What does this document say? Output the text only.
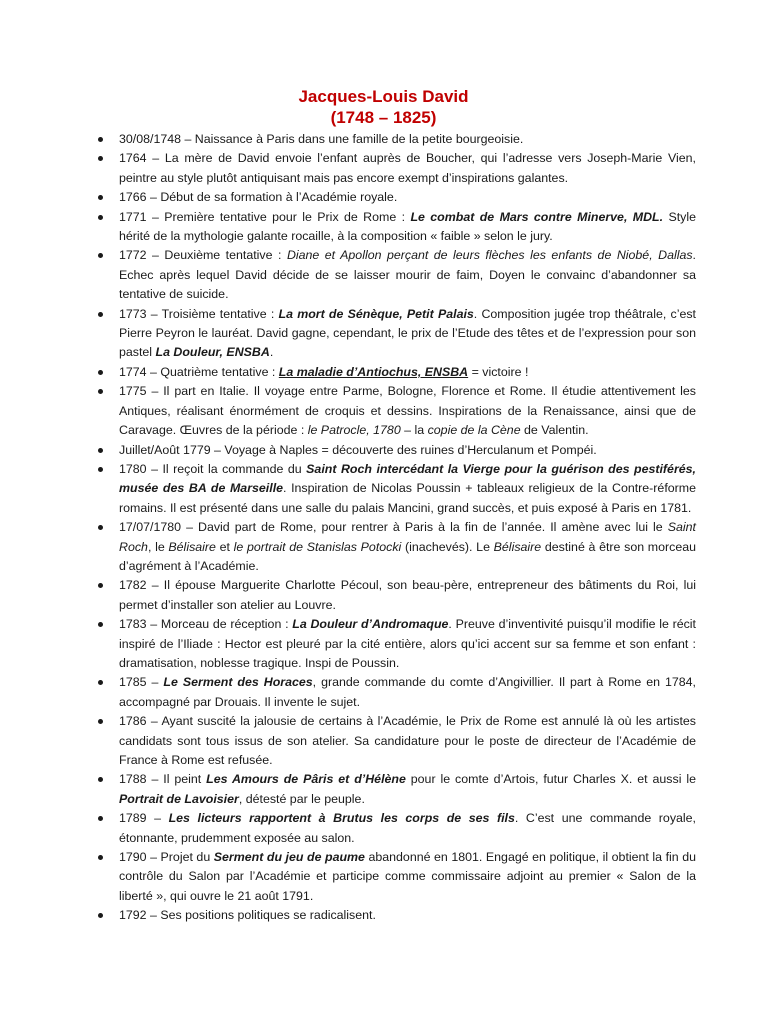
Jacques-Louis David
(1748 – 1825)
30/08/1748 – Naissance à Paris dans une famille de la petite bourgeoisie.
1764 – La mère de David envoie l’enfant auprès de Boucher, qui l’adresse vers Joseph-Marie Vien, peintre au style plutôt antiquisant mais pas encore exempt d’inspirations galantes.
1766 – Début de sa formation à l’Académie royale.
1771 – Première tentative pour le Prix de Rome : Le combat de Mars contre Minerve, MDL. Style hérité de la mythologie galante rocaille, à la composition « faible » selon le jury.
1772 – Deuxième tentative : Diane et Apollon perçant de leurs flèches les enfants de Niobé, Dallas. Echec après lequel David décide de se laisser mourir de faim, Doyen le convainc d’abandonner sa tentative de suicide.
1773 – Troisième tentative : La mort de Sénèque, Petit Palais. Composition jugée trop théâtrale, c’est Pierre Peyron le lauréat. David gagne, cependant, le prix de l’Etude des têtes et de l’expression pour son pastel La Douleur, ENSBA.
1774 – Quatrième tentative : La maladie d’Antiochus, ENSBA = victoire !
1775 – Il part en Italie. Il voyage entre Parme, Bologne, Florence et Rome. Il étudie attentivement les Antiques, réalisant énormément de croquis et dessins. Inspirations de la Renaissance, ainsi que de Caravage. Œuvres de la période : le Patrocle, 1780 – la copie de la Cène de Valentin.
Juillet/Août 1779 – Voyage à Naples = découverte des ruines d’Herculanum et Pompéi.
1780 – Il reçoit la commande du Saint Roch intercédant la Vierge pour la guérison des pestiférés, musée des BA de Marseille. Inspiration de Nicolas Poussin + tableaux religieux de la Contre-réforme romains. Il est présenté dans une salle du palais Mancini, grand succès, et puis exposé à Paris en 1781.
17/07/1780 – David part de Rome, pour rentrer à Paris à la fin de l’année. Il amène avec lui le Saint Roch, le Bélisaire et le portrait de Stanislas Potocki (inachevés). Le Bélisaire destiné à être son morceau d’agrément à l’Académie.
1782 – Il épouse Marguerite Charlotte Pécoul, son beau-père, entrepreneur des bâtiments du Roi, lui permet d’installer son atelier au Louvre.
1783 – Morceau de réception : La Douleur d’Andromaque. Preuve d’inventivité puisqu’il modifie le récit inspiré de l’Iliade : Hector est pleuré par la cité entière, alors qu’ici accent sur sa femme et son enfant : dramatisation, noblesse tragique. Inspi de Poussin.
1785 – Le Serment des Horaces, grande commande du comte d’Angivillier. Il part à Rome en 1784, accompagné par Drouais. Il invente le sujet.
1786 – Ayant suscité la jalousie de certains à l’Académie, le Prix de Rome est annulé là où les artistes candidats sont tous issus de son atelier. Sa candidature pour le poste de directeur de l’Académie de France à Rome est refusée.
1788 – Il peint Les Amours de Pâris et d’Hélène pour le comte d’Artois, futur Charles X. et aussi le Portrait de Lavoisier, détesté par le peuple.
1789 – Les licteurs rapportent à Brutus les corps de ses fils. C’est une commande royale, étonnante, prudemment exposée au salon.
1790 – Projet du Serment du jeu de paume abandonné en 1801. Engagé en politique, il obtient la fin du contrôle du Salon par l’Académie et participe comme commissaire adjoint au premier « Salon de la liberté », qui ouvre le 21 août 1791.
1792 – Ses positions politiques se radicalisent.
